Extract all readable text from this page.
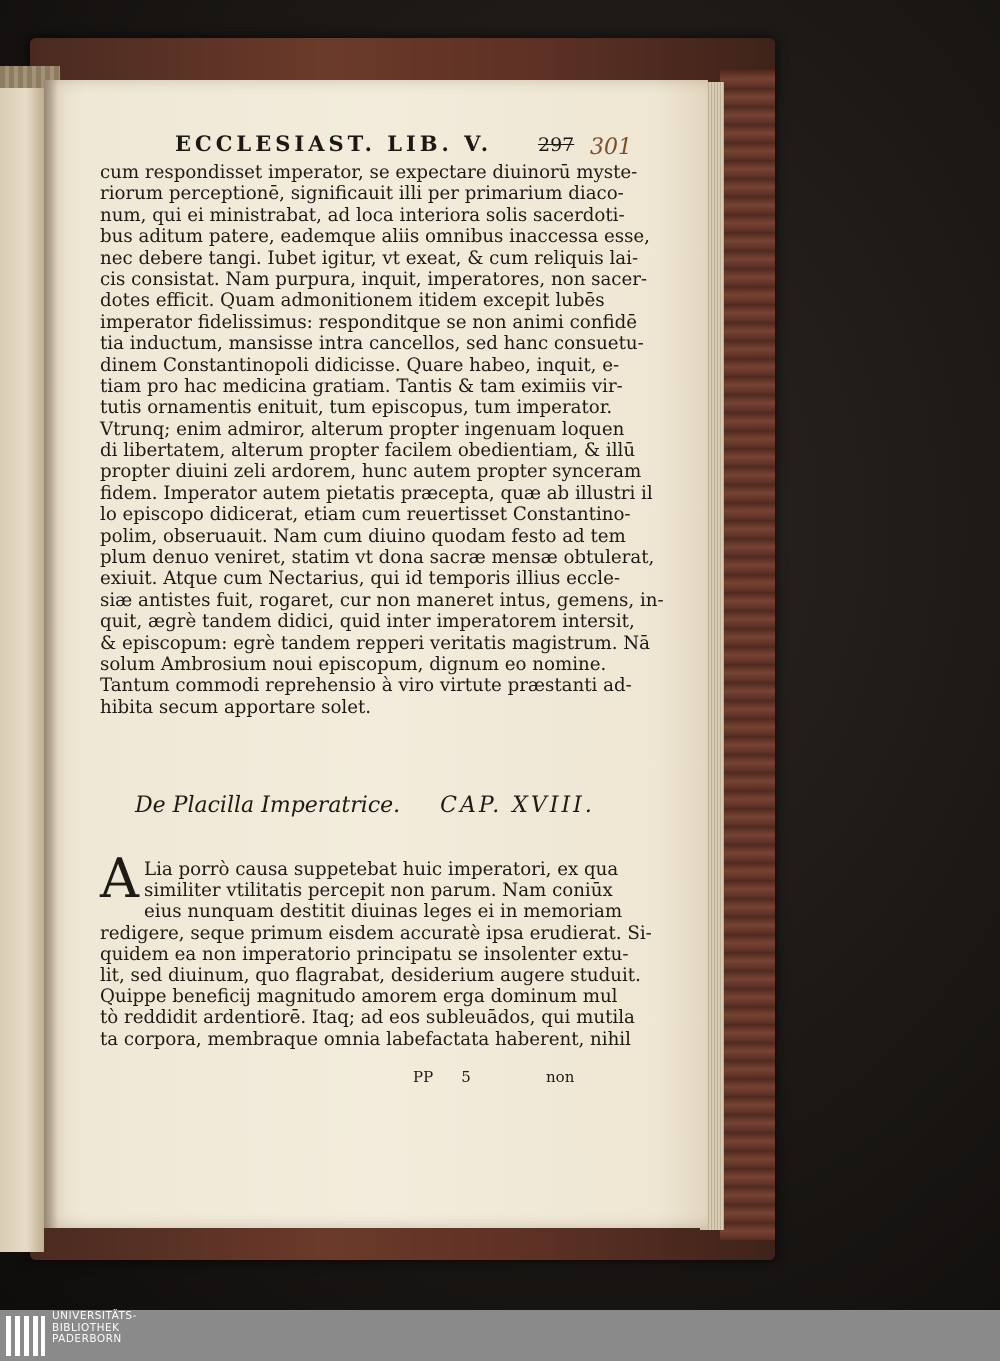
ECCLESIAST. LIB. V. 297 301
cum respondisset imperator, se expectare diuinorū myste-
riorum perceptionē, significauit illi per primarium diaco-
num, qui ei ministrabat, ad loca interiora solis sacerdoti-
bus aditum patere, eademque aliis omnibus inaccessa esse,
nec debere tangi. Iubet igitur, vt exeat, & cum reliquis lai-
cis consistat. Nam purpura, inquit, imperatores, non sacer-
dotes efficit. Quam admonitionem itidem excepit lubēs
imperator fidelissimus: responditque se non animi confidē
tia inductum, mansisse intra cancellos, sed hanc consuetu-
dinem Constantinopoli didicisse. Quare habeo, inquit, e-
tiam pro hac medicina gratiam. Tantis & tam eximiis vir-
tutis ornamentis enituit, tum episcopus, tum imperator.
Vtrunq; enim admiror, alterum propter ingenuam loquen
di libertatem, alterum propter facilem obedientiam, & illū
propter diuini zeli ardorem, hunc autem propter synceram
fidem. Imperator autem pietatis præcepta, quæ ab illustri il
lo episcopo didicerat, etiam cum reuertisset Constantino-
polim, obseruauit. Nam cum diuino quodam festo ad tem
plum denuo veniret, statim vt dona sacræ mensæ obtulerat,
exiuit. Atque cum Nectarius, qui id temporis illius eccle-
siæ antistes fuit, rogaret, cur non maneret intus, gemens, in-
quit, ægrè tandem didici, quid inter imperatorem intersit,
& episcopum: egrè tandem repperi veritatis magistrum. Nā
solum Ambrosium noui episcopum, dignum eo nomine.
Tantum commodi reprehensio à viro virtute præstanti ad-
hibita secum apportare solet.
De Placilla Imperatrice. CAP. XVIII.
A Lia porrò causa suppetebat huic imperatori, ex qua
similiter vtilitatis percepit non parum. Nam coniūx
eius nunquam destitit diuinas leges ei in memoriam
redigere, seque primum eisdem accuratè ipsa erudierat. Si-
quidem ea non imperatorio principatu se insolenter extu-
lit, sed diuinum, quo flagrabat, desiderium augere studuit.
Quippe beneficij magnitudo amorem erga dominum mul
tò reddidit ardentiorē. Itaq; ad eos subleuādos, qui mutila
ta corpora, membraque omnia labefactata haberent, nihil
PP 5	non
UNIVERSITÄTS-
BIBLIOTHEK
PADERBORN
